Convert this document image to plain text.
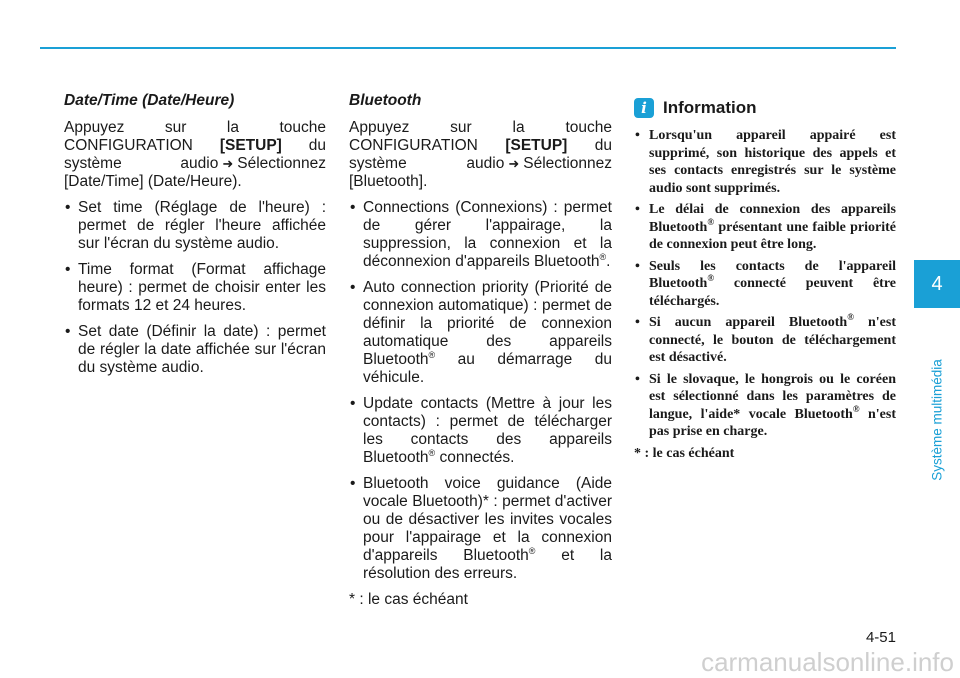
Date/Time (Date/Heure)

Appuyez sur la touche CONFIGURATION [SETUP] du système audio ➜ Sélectionnez [Date/Time] (Date/Heure).

• Set time (Réglage de l'heure) : permet de régler l'heure affichée sur l'écran du système audio.
• Time format (Format affichage heure) : permet de choisir enter les formats 12 et 24 heures.
• Set date (Définir la date) : permet de régler la date affichée sur l'écran du système audio.
Bluetooth

Appuyez sur la touche CONFIGURATION [SETUP] du système audio ➜ Sélectionnez [Bluetooth].

• Connections (Connexions) : permet de gérer l'appairage, la suppression, la connexion et la déconnexion d'appareils Bluetooth®.
• Auto connection priority (Priorité de connexion automatique) : permet de définir la priorité de connexion automatique des appareils Bluetooth® au démarrage du véhicule.
• Update contacts (Mettre à jour les contacts) : permet de télécharger les contacts des appareils Bluetooth® connectés.
• Bluetooth voice guidance (Aide vocale Bluetooth)* : permet d'activer ou de désactiver les invites vocales pour l'appairage et la connexion d'appareils Bluetooth® et la résolution des erreurs.

* : le cas échéant

i Information
• Lorsqu'un appareil appairé est supprimé, son historique des appels et ses contacts enregistrés sur le système audio sont supprimés.
• Le délai de connexion des appareils Bluetooth® présentant une faible priorité de connexion peut être long.
• Seuls les contacts de l'appareil Bluetooth® connecté peuvent être téléchargés.
• Si aucun appareil Bluetooth® n'est connecté, le bouton de téléchargement est désactivé.
• Si le slovaque, le hongrois ou le coréen est sélectionné dans les paramètres de langue, l'aide* vocale Bluetooth® n'est pas prise en charge.

* : le cas échéant

4
Système multimédia
4-51
carmanualsonline.info
